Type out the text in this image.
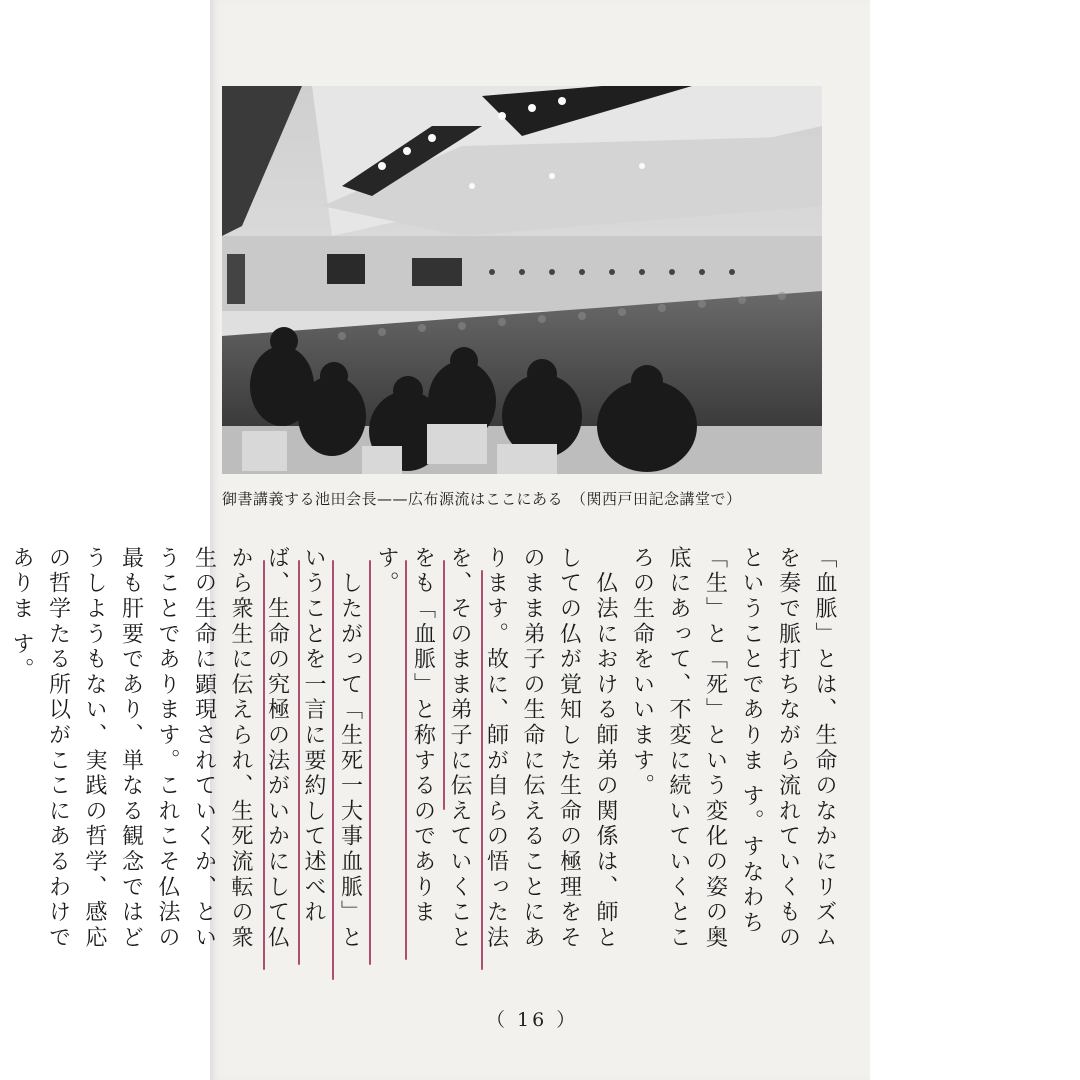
御書講義する池田会長——広布源流はここにある （関西戸田記念講堂で）

「血脈」とは、生命のなかにリズムを奏で脈打ちながら流れていくものということでありま す。すなわち「生」と「死」という変化の姿の奥底にあって、不変に続いていくところの生命をいいます。

　仏法における師弟の関係は、師としての仏が覚知した生命の極理をそのまま弟子の生命に伝えることにあります。故に、師が自らの悟った法を、そのまま弟子に伝えていくことをも「血脈」と称するのであります。

　したがって「生死一大事血脈」ということを一言に要約して述べれば、生命の究極の法がいかにして仏から衆生に伝えられ、生死流転の衆生の生命に顕現されていくか、ということであります。これこそ仏法の最も肝要であり、単なる観念ではどうしようもない、実践の哲学、感応の哲学たる所以がここにあるわけでありま す。

（ 16 ）
